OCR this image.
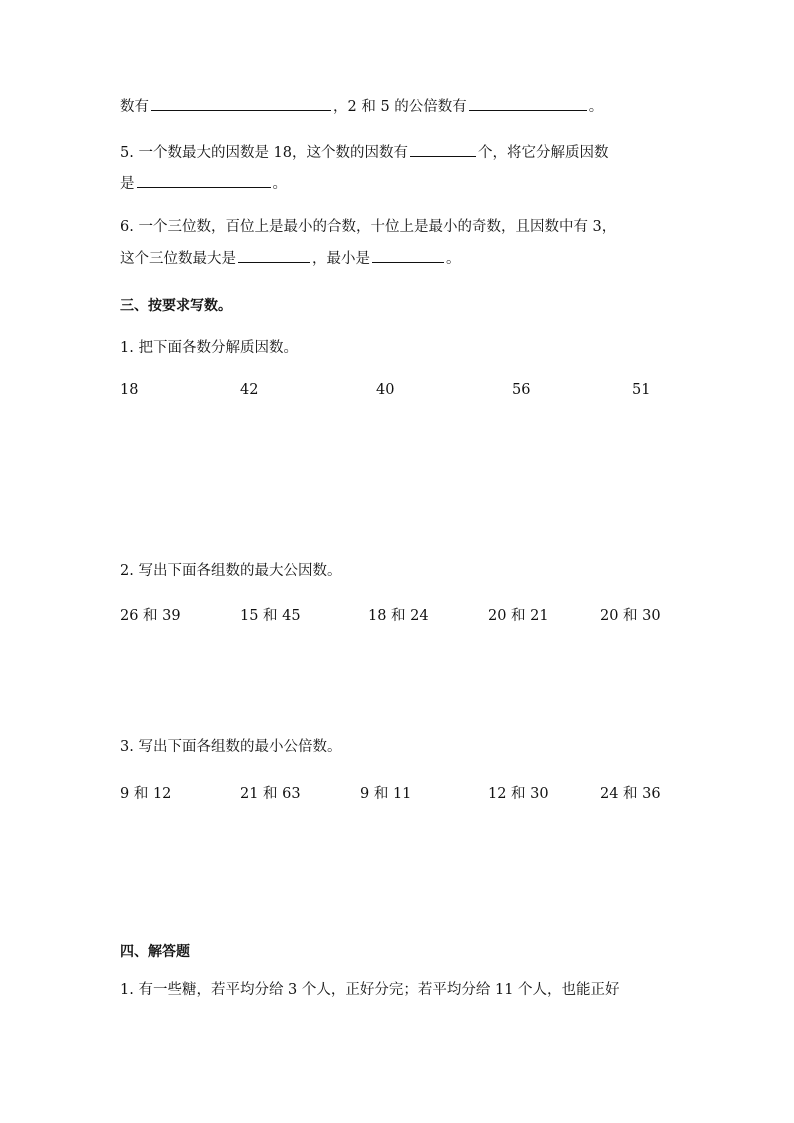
数有	，2 和 5 的公倍数有	。
5. 一个数最大的因数是 18，这个数的因数有	个，将它分解质因数
是	。
6. 一个三位数，百位上是最小的合数，十位上是最小的奇数，且因数中有 3，
这个三位数最大是	，最小是	。
三、按要求写数。
1. 把下面各数分解质因数。
18	42	40	56	51
2. 写出下面各组数的最大公因数。
26 和 39	15 和 45	18 和 24	20 和 21	20 和 30
3. 写出下面各组数的最小公倍数。
9 和 12	21 和 63	9 和 11	12 和 30	24 和 36
四、解答题
1. 有一些糖，若平均分给 3 个人，正好分完；若平均分给 11 个人，也能正好
